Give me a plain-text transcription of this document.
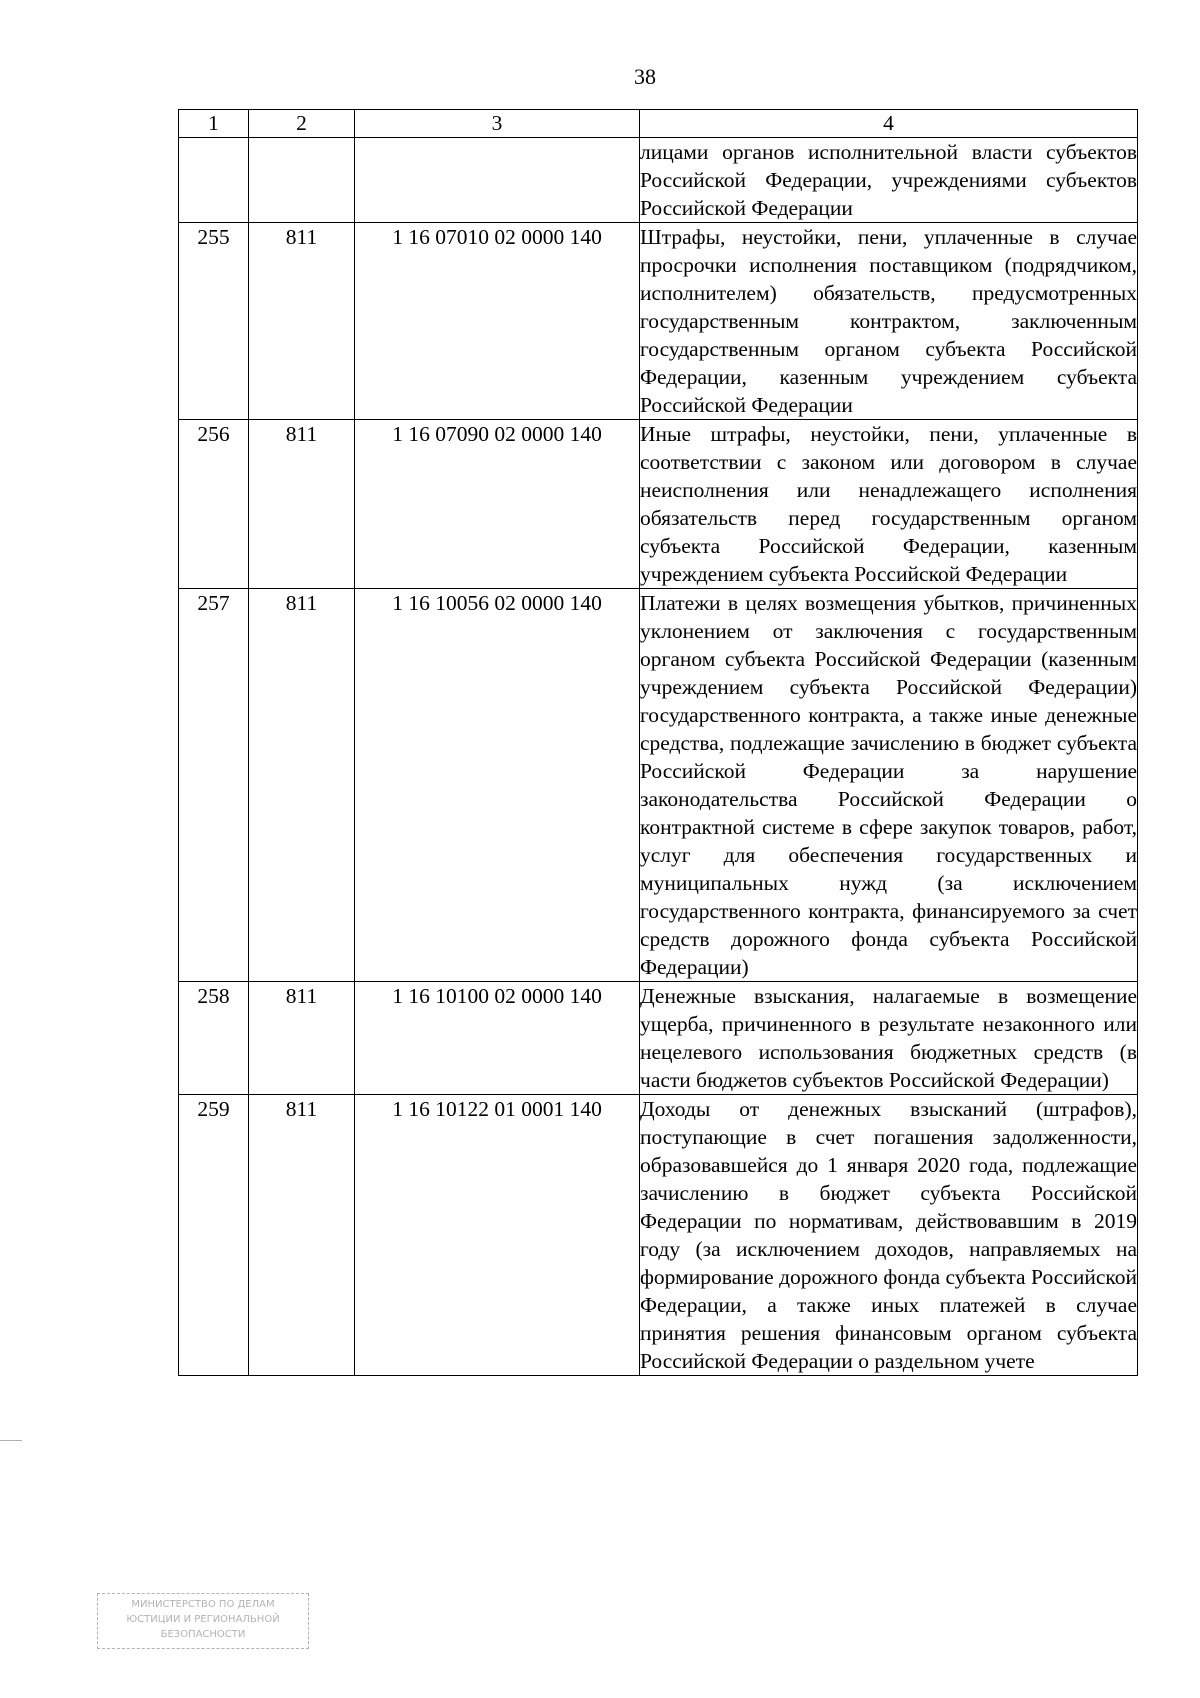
38
1	2	3	4
			лицами органов исполнительной власти субъектов Российской Федерации, учреждениями субъектов Российской Федерации
255	811	1 16 07010 02 0000 140	Штрафы, неустойки, пени, уплаченные в случае просрочки исполнения поставщиком (подрядчиком, исполнителем) обязательств, предусмотренных государственным контрактом, заключенным государственным органом субъекта Российской Федерации, казенным учреждением субъекта Российской Федерации
256	811	1 16 07090 02 0000 140	Иные штрафы, неустойки, пени, уплаченные в соответствии с законом или договором в случае неисполнения или ненадлежащего исполнения обязательств перед государственным органом субъекта Российской Федерации, казенным учреждением субъекта Российской Федерации
257	811	1 16 10056 02 0000 140	Платежи в целях возмещения убытков, причиненных уклонением от заключения с государственным органом субъекта Российской Федерации (казенным учреждением субъекта Российской Федерации) государственного контракта, а также иные денежные средства, подлежащие зачислению в бюджет субъекта Российской Федерации за нарушение законодательства Российской Федерации о контрактной системе в сфере закупок товаров, работ, услуг для обеспечения государственных и муниципальных нужд (за исключением государственного контракта, финансируемого за счет средств дорожного фонда субъекта Российской Федерации)
258	811	1 16 10100 02 0000 140	Денежные взыскания, налагаемые в возмещение ущерба, причиненного в результате незаконного или нецелевого использования бюджетных средств (в части бюджетов субъектов Российской Федерации)
259	811	1 16 10122 01 0001 140	Доходы от денежных взысканий (штрафов), поступающие в счет погашения задолженности, образовавшейся до 1 января 2020 года, подлежащие зачислению в бюджет субъекта Российской Федерации по нормативам, действовавшим в 2019 году (за исключением доходов, направляемых на формирование дорожного фонда субъекта Российской Федерации, а также иных платежей в случае принятия решения финансовым органом субъекта Российской Федерации о раздельном учете
МИНИСТЕРСТВО ПО ДЕЛАМ
ЮСТИЦИИ И РЕГИОНАЛЬНОЙ
БЕЗОПАСНОСТИ
